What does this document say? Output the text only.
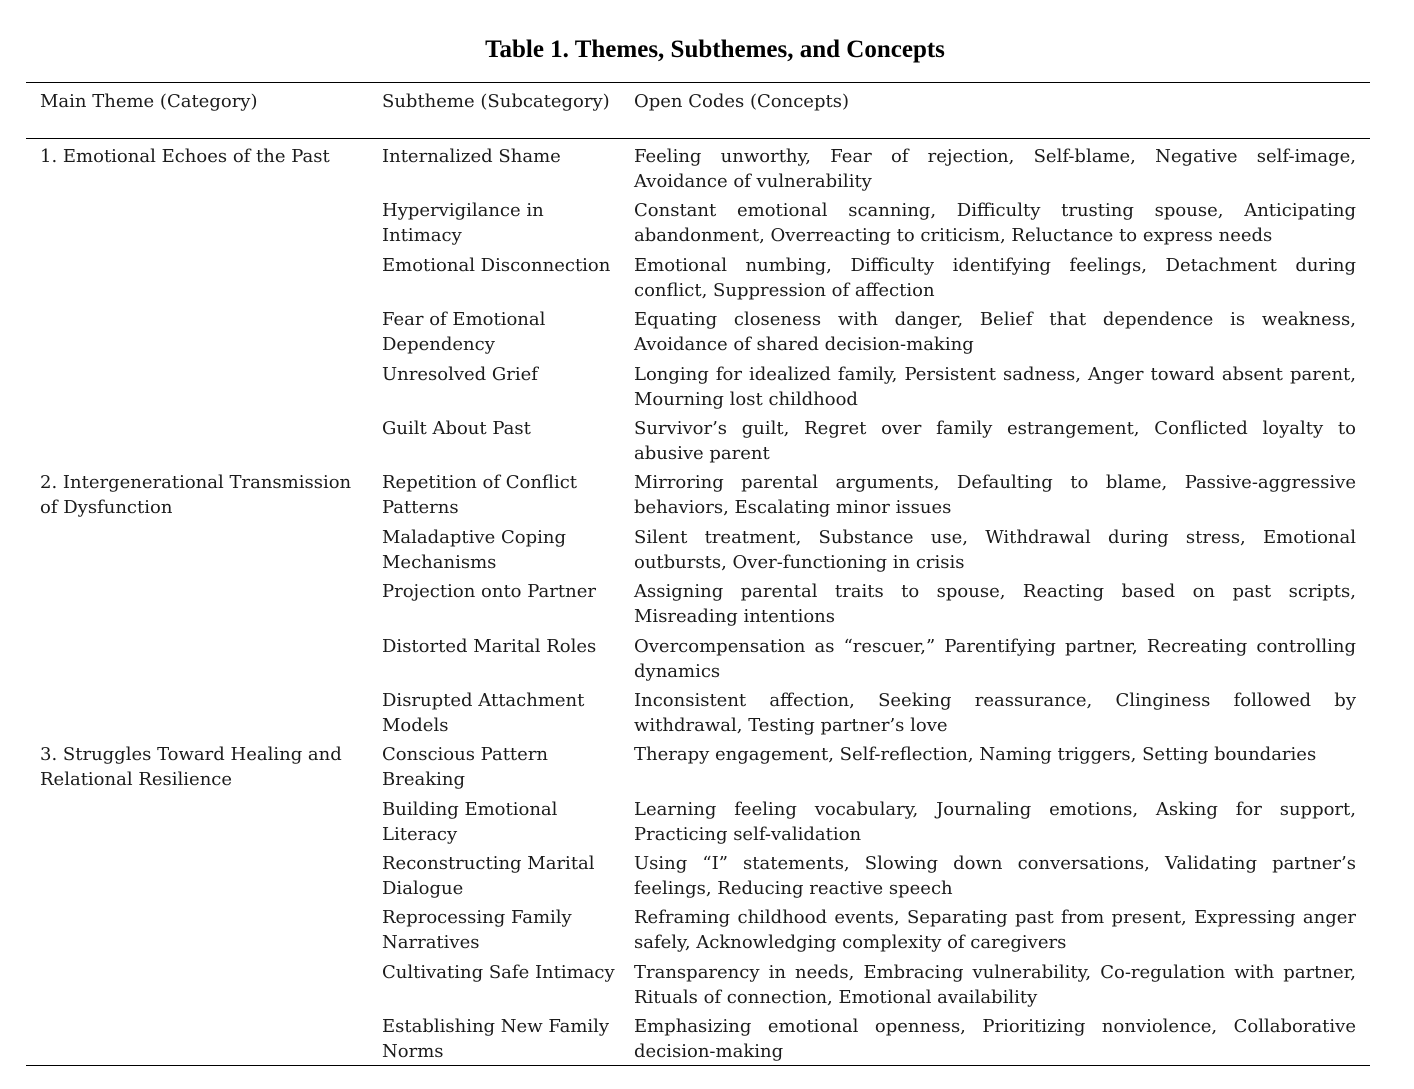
Table 1. Themes, Subthemes, and Concepts
Main Theme (Category)	Subtheme (Subcategory)	Open Codes (Concepts)
1. Emotional Echoes of the Past	Internalized Shame	Feeling unworthy, Fear of rejection, Self-blame, Negative self-image, Avoidance of vulnerability
	Hypervigilance in Intimacy	Constant emotional scanning, Difficulty trusting spouse, Anticipating abandonment, Overreacting to criticism, Reluctance to express needs
	Emotional Disconnection	Emotional numbing, Difficulty identifying feelings, Detachment during conflict, Suppression of affection
	Fear of Emotional Dependency	Equating closeness with danger, Belief that dependence is weakness, Avoidance of shared decision-making
	Unresolved Grief	Longing for idealized family, Persistent sadness, Anger toward absent parent, Mourning lost childhood
	Guilt About Past	Survivor’s guilt, Regret over family estrangement, Conflicted loyalty to abusive parent
2. Intergenerational Transmission of Dysfunction	Repetition of Conflict Patterns	Mirroring parental arguments, Defaulting to blame, Passive-aggressive behaviors, Escalating minor issues
	Maladaptive Coping Mechanisms	Silent treatment, Substance use, Withdrawal during stress, Emotional outbursts, Over-functioning in crisis
	Projection onto Partner	Assigning parental traits to spouse, Reacting based on past scripts, Misreading intentions
	Distorted Marital Roles	Overcompensation as “rescuer,” Parentifying partner, Recreating controlling dynamics
	Disrupted Attachment Models	Inconsistent affection, Seeking reassurance, Clinginess followed by withdrawal, Testing partner’s love
3. Struggles Toward Healing and Relational Resilience	Conscious Pattern Breaking	Therapy engagement, Self-reflection, Naming triggers, Setting boundaries
	Building Emotional Literacy	Learning feeling vocabulary, Journaling emotions, Asking for support, Practicing self-validation
	Reconstructing Marital Dialogue	Using “I” statements, Slowing down conversations, Validating partner’s feelings, Reducing reactive speech
	Reprocessing Family Narratives	Reframing childhood events, Separating past from present, Expressing anger safely, Acknowledging complexity of caregivers
	Cultivating Safe Intimacy	Transparency in needs, Embracing vulnerability, Co-regulation with partner, Rituals of connection, Emotional availability
	Establishing New Family Norms	Emphasizing emotional openness, Prioritizing nonviolence, Collaborative decision-making
